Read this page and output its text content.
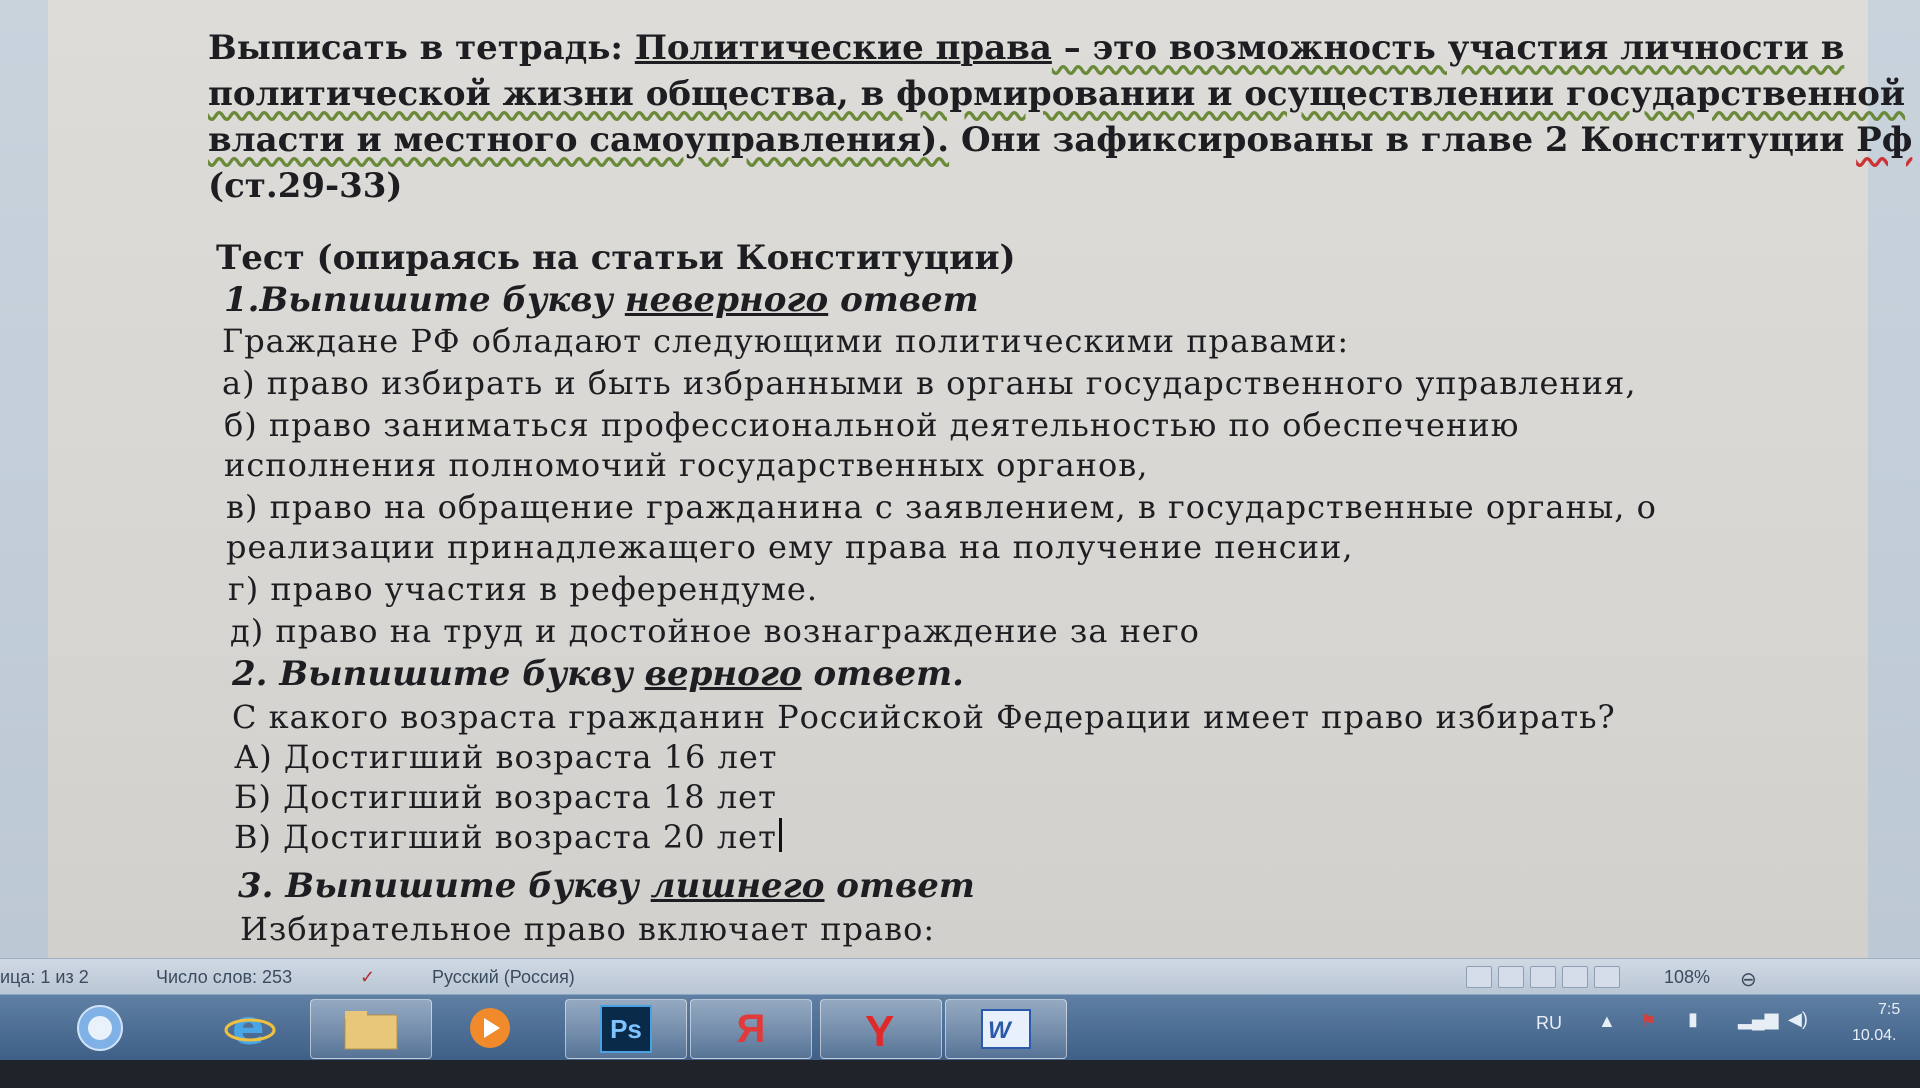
Выписать в тетрадь: Политические права – это возможность участия личности в
политической жизни общества, в формировании и осуществлении государственной
власти и местного самоуправления). Они зафиксированы в главе 2 Конституции Рф
(ст.29-33)
Тест (опираясь на статьи Конституции)
1.Выпишите букву неверного ответ
Граждане РФ обладают следующими политическими правами:
а) право избирать и быть избранными в органы государственного управления,
б) право заниматься профессиональной деятельностью по обеспечению
исполнения полномочий государственных органов,
в) право на обращение гражданина с заявлением, в государственные органы, о
реализации принадлежащего ему права на получение пенсии,
г) право участия в референдуме.
д) право на труд и достойное вознаграждение за него
2. Выпишите букву верного ответ.
С какого возраста гражданин Российской Федерации имеет право избирать?
А) Достигший возраста 16 лет
Б) Достигший возраста 18 лет
В) Достигший возраста 20 лет
3. Выпишите букву лишнего ответ
Избирательное право включает право:
ица: 1 из 2	Число слов: 253	✓	Русский (Россия)	108% ⊖
e	Ps Я Y	W	RU ▲ ⚑ ▮ ▂▄▆ ◀)	7:5
10.04.
